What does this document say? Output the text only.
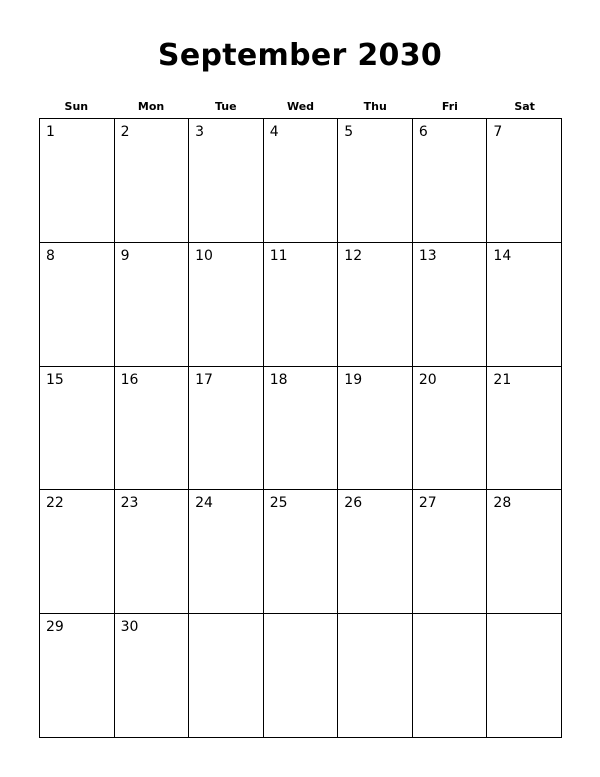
September 2030
Sun	Mon	Tue	Wed	Thu	Fri	Sat
1	2	3	4	5	6	7
8	9	10	11	12	13	14
15	16	17	18	19	20	21
22	23	24	25	26	27	28
29	30
